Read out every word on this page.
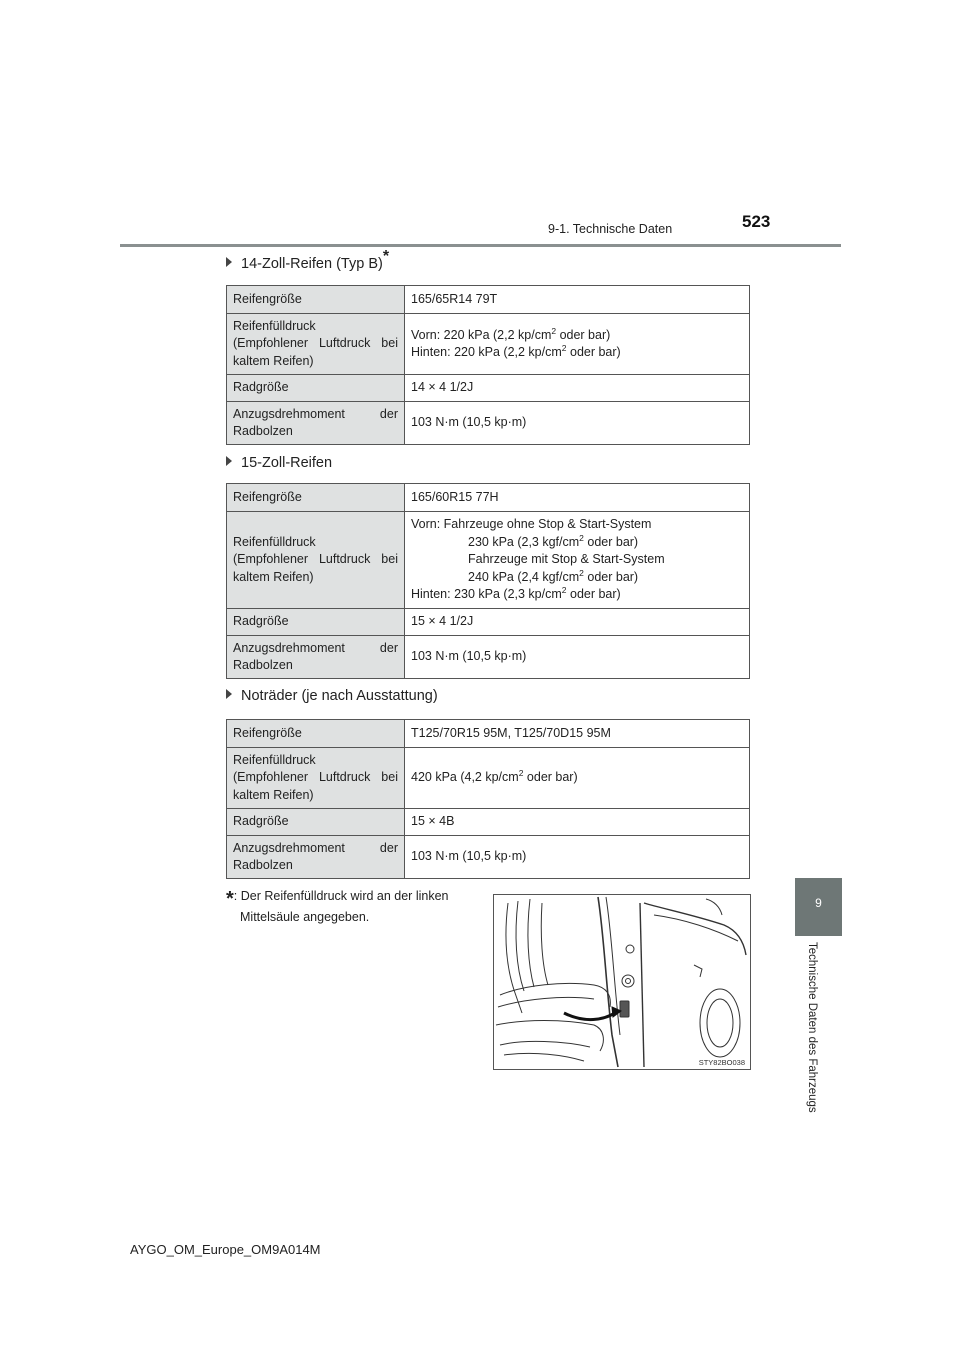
9-1. Technische Daten	523
9
Technische Daten des Fahrzeugs
14-Zoll-Reifen (Typ B)*
Reifengröße	165/65R14 79T
Reifenfülldruck

(Empfohlener Luftdruck bei
kaltem Reifen)	Vorn: 220 kPa (2,2 $kp/cm^2$ oder bar)
Hinten: 220 kPa (2,2 $kp/cm^2$ oder bar)
Radgröße	14 × 4 1/2J

Anzugsdrehmoment der
Radbolzen	103 N·m (10,5 kp·m)
15-Zoll-Reifen
Reifengröße	165/60R15 77H
Reifenfülldruck

(Empfohlener Luftdruck bei
kaltem Reifen)	Vorn: Fahrzeuge ohne Stop & Start-System

230 kPa (2,3 kgf/$cm^2$ oder bar)
Fahrzeuge mit Stop & Start-System
240 kPa (2,4 kgf/$cm^2$ oder bar)
Hinten: 230 kPa (2,3 $kp/cm^2$ oder bar)
Radgröße	15 × 4 1/2J

Anzugsdrehmoment der
Radbolzen	103 N·m (10,5 kp·m)
Noträder (je nach Ausstattung)
Reifengröße	T125/70R15 95M, T125/70D15 95M
Reifenfülldruck

(Empfohlener Luftdruck bei
kaltem Reifen)	420 kPa (4,2 $kp/cm^2$ oder bar)
Radgröße	15 × 4B

Anzugsdrehmoment der
Radbolzen	103 N·m (10,5 kp·m)
*: Der Reifenfülldruck wird an der linken
Mittelsäule angegeben.
STY82BO038
AYGO_OM_Europe_OM9A014M
